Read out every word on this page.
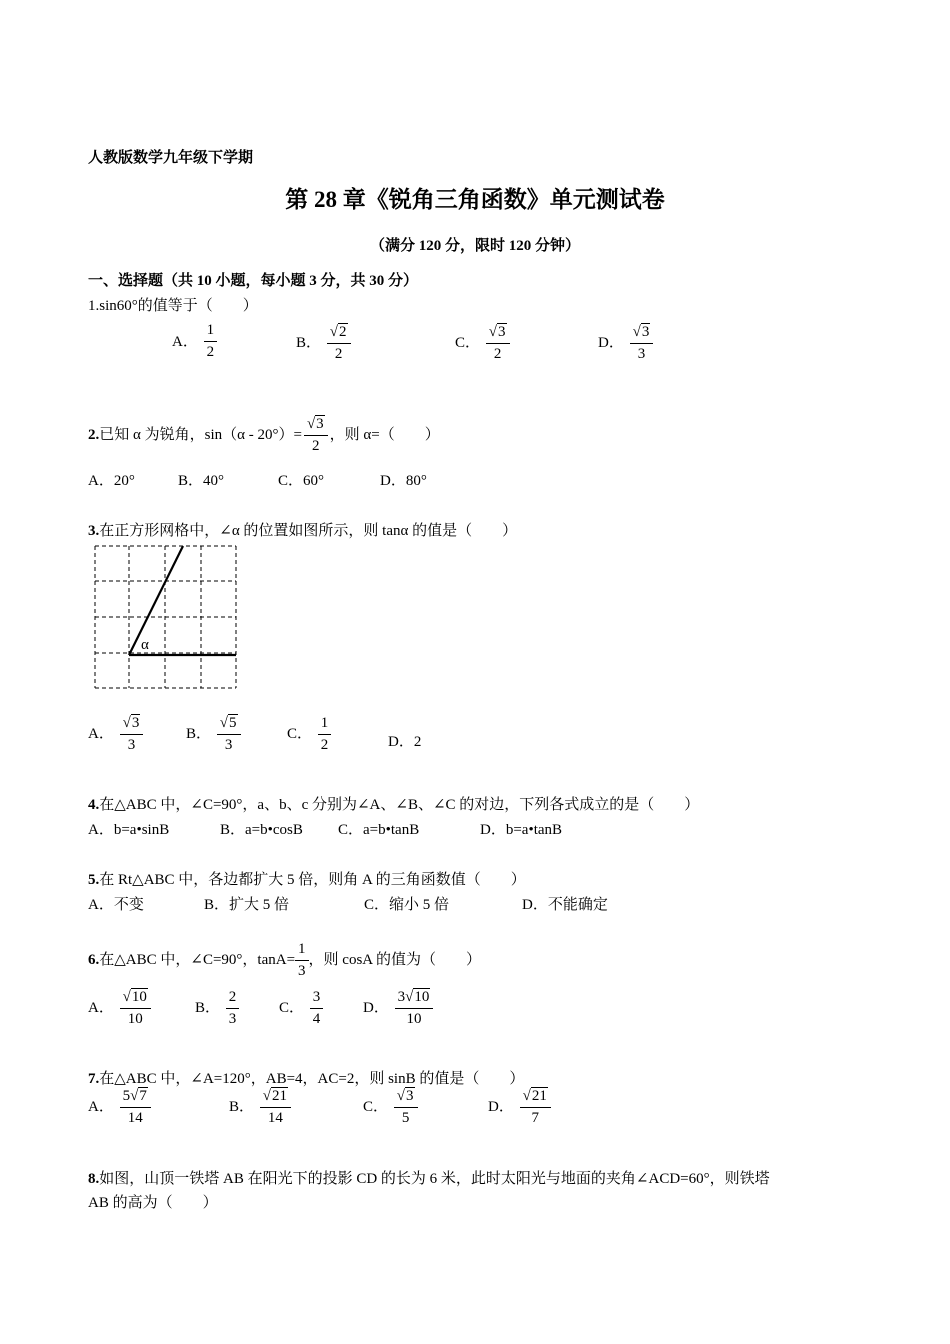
人教版数学九年级下学期
第 28 章《锐角三角函数》单元测试卷
（满分 120 分，限时 120 分钟）
一、选择题（共 10 小题，每小题 3 分，共 30 分）
1.sin60°的值等于（　　）
A． $\frac{1}{2}$	B． $\frac{√2}{2}$	C． $\frac{√3}{2}$	D． $\frac{√3}{3}$
2.已知 α 为锐角，$\sin(\alpha - 20^\circ)= \frac{√3}{2}$ ，则 α=（　　）
A．20°	B．40°	C．60°	D．80°
3.在正方形网格中，∠α 的位置如图所示，则 tanα 的值是（　　）
α
A． $\frac{√3}{3}$	B． $\frac{√5}{3}$	C． $\frac{1}{2}$	D．2
4.在△ABC 中，∠C=90°，a、b、c 分别为∠A、∠B、∠C 的对边，下列各式成立的是（　　）
A．b=a•sinB	B．a=b•cosB C．a=b•tanB	D．b=a•tanB
5.在 Rt△ABC 中，各边都扩大 5 倍，则角 A 的三角函数值（　　）
A．不变	B．扩大 5 倍	C．缩小 5 倍	D．不能确定
6.在△ABC 中，∠C=90°，$\tan A= \frac{1}{3}$ ，则 cosA 的值为（　　）
A． $\frac{√10}{10}$	B． $\frac{2}{3}$	C． $\frac{3}{4}$	D． $\frac{3√10}{10}$
7.在△ABC 中，∠A=120°，AB=4，AC=2，则 sinB 的值是（　　）
A． $\frac{5√7}{14}$	B． $\frac{√21}{14}$	C． $\frac{√3}{5}$	D． $\frac{√21}{7}$
8.如图，山顶一铁塔 AB 在阳光下的投影 CD 的长为 6 米，此时太阳光与地面的夹角∠ACD=60°，则铁塔
AB 的高为（　　）
